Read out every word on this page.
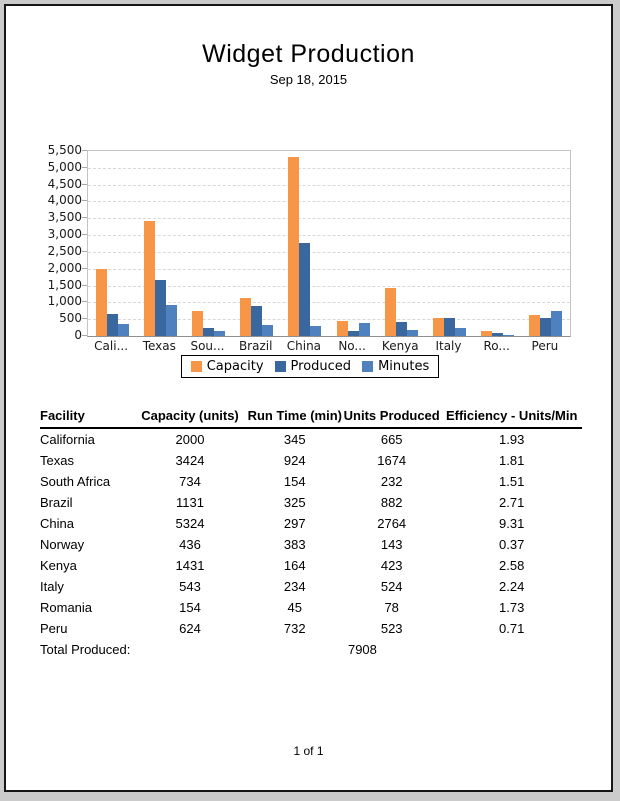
Widget Production
Sep 18, 2015
Capacity Produced Minutes
0
500
1,000
1,500
2,000
2,500
3,000
3,500
4,000
4,500
5,000
5,500
Cali...	Texas	Sou...	Brazil	China	No...	Kenya	Italy	Ro...	Peru
Facility	Capacity (units)	Run Time (min)	Units Produced	Efficiency - Units/Min
California	2000	345	665	1.93
Texas	3424	924	1674	1.81
South Africa	734	154	232	1.51
Brazil	1131	325	882	2.71
China	5324	297	2764	9.31
Norway	436	383	143	0.37
Kenya	1431	164	423	2.58
Italy	543	234	524	2.24
Romania	154	45	78	1.73
Peru	624	732	523	0.71
Total Produced:			7908	
1 of 1
